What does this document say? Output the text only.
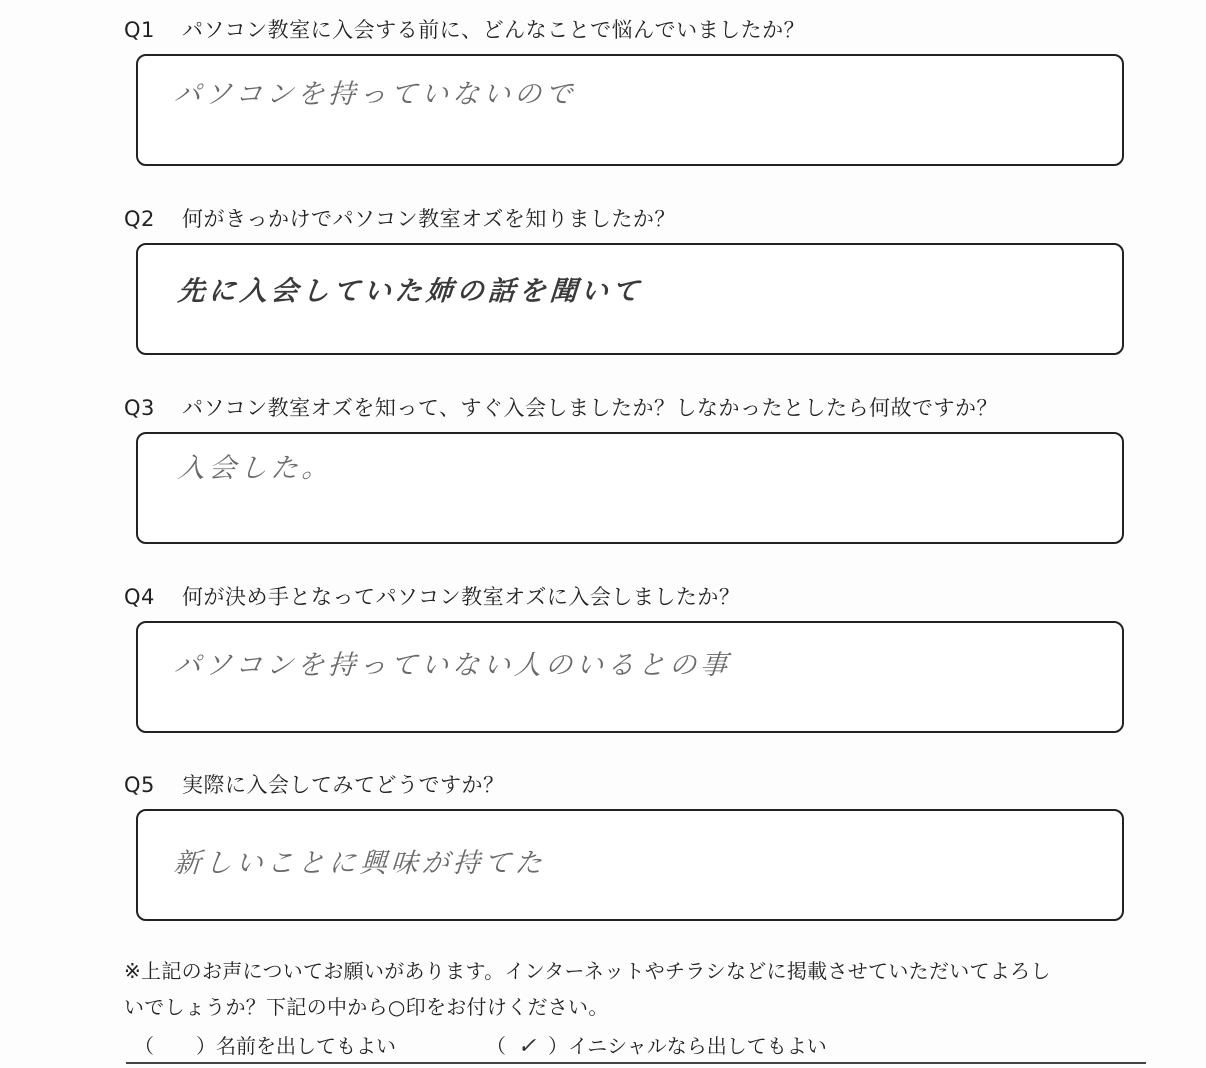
Q1 パソコン教室に入会する前に、どんなことで悩んでいましたか？
パソコンを持っていないので
Q2 何がきっかけでパソコン教室オズを知りましたか？
先に入会していた姉の話を聞いて
Q3 パソコン教室オズを知って、すぐ入会しましたか？しなかったとしたら何故ですか？
入会した。
Q4 何が決め手となってパソコン教室オズに入会しましたか？
パソコンを持っていない人のいるとの事
Q5 実際に入会してみてどうですか？
新しいことに興味が持てた
※上記のお声についてお願いがあります。インターネットやチラシなどに掲載させていただいてよろし
いでしょうか？下記の中から○印をお付けください。
（ ）名前を出してもよい	（ ✓ ）イニシャルなら出してもよい
